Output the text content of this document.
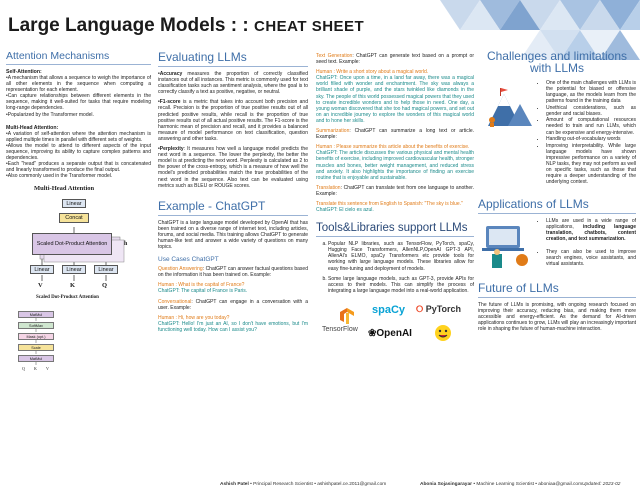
Large Language Models : : CHEAT SHEET
Attention Mechanisms
Self-Attention:
•A mechanism that allows a sequence to weigh the importance of all other elements in the sequence when computing a representation for each element.
•Can capture relationships between different elements in the sequence, making it well-suited for tasks that require modeling long-range dependencies.
•Popularized by the Transformer model.
Multi-Head Attention:
•A variation of self-attention where the attention mechanism is applied multiple times in parallel with different sets of weights.
•Allows the model to attend to different aspects of the input sequence, improving its ability to capture complex patterns and dependencies.
•Each "head" produces a separate output that is concatenated and linearly transformed to produce the final output.
•Also commonly used in the Transformer model.
Multi-Head Attention
Linear
Concat
Scaled Dot-Product Attention	h
Linear	Linear	Linear
V	K	Q
Scaled Dot-Product Attention
MatMul
SoftMax
Mask (opt.)
Scale
MatMul
Q K V
Evaluating LLMs
•Accuracy measures the proportion of correctly classified instances out of all instances. This metric is commonly used for text classification tasks such as sentiment analysis, where the goal is to correctly classify a text as positive, negative, or neutral.
•F1-score is a metric that takes into account both precision and recall. Precision is the proportion of true positive results out of all predicted positive results, while recall is the proportion of true positive results out of all actual positive results. The F1-score is the harmonic mean of precision and recall, and it provides a balanced measure of model performance on text classification, question answering and other tasks.
•Perplexity: It measures how well a language model predicts the next word in a sequence. The lower the perplexity, the better the model is at predicting the next word. Perplexity is calculated as 2 to the power of the cross-entropy, which is a measure of how well the model's predicted probabilities match the true probabilities of the next word in the sequence. Also text can be evaluated using metrics such as BLEU or ROUGE scores.
Example - ChatGPT
ChatGPT is a large language model developed by OpenAI that has been trained on a diverse range of internet text, including articles, forums, and social media. This training allows ChatGPT to generate human-like text and answer a wide variety of questions on many topics.
Use Cases ChatGPT
Question Answering: ChatGPT can answer factual questions based on the information it has been trained on. Example:
Human : What is the capital of France?
ChatGPT: The capital of France is Paris.
Conversational: ChatGPT can engage in a conversation with a user. Example:
Human : Hi, how are you today?
ChatGPT: Hello! I'm just an AI, so I don't have emotions, but I'm functioning well today. How can I assist you?
Text Generation: ChatGPT can generate text based on a prompt or seed text. Example:
Human : Write a short story about a magical world.
ChatGPT: Once upon a time, in a land far away, there was a magical world filled with wonder and enchantment. The sky was always a brilliant shade of purple, and the stars twinkled like diamonds in the sky. The people of this world possessed magical powers that they used to create incredible wonders and to help those in need. One day, a young woman discovered that she too had magical powers, and set out on an incredible journey to explore the wonders of this magical world and to hone her skills.
Summarization: ChatGPT can summarize a long text or article. Example:
Human : Please summarize this article about the benefits of exercise.
ChatGPT: The article discusses the various physical and mental health benefits of exercise, including improved cardiovascular health, stronger muscles and bones, better weight management, and reduced stress and anxiety. It also highlights the importance of finding an exercise routine that is enjoyable and sustainable.
Translation: ChatGPT can translate text from one language to another. Example:
Translate this sentence from English to Spanish: "The sky is blue."
ChatGPT: El cielo es azul.
Tools&Libraries support LLMs
a. Popular NLP libraries, such as TensorFlow, PyTorch, spaCy, Hugging Face Transformers, AllenNLP,OpenAI GPT-3 API, AllenAI's ELMO, spaCy Transformers etc provide tools for working with large language models. These libraries allow for easy fine-tuning and deployment of models.
b. Some large language models, such as GPT-3, provide APIs for access to their models. This can simplify the process of integrating a large language model into a real-world application.
TensorFlow
spaCy ⭘ PyTorch
❀OpenAI
Challenges and limitations with LLMs
• One of the main challenges with LLMs is the potential for biased or offensive language, as the models learn from the patterns found in the training data
• Unethical considerations, such as gender and racial biases.
• Amount of computational resources needed to train and run LLMs, which can be expensive and energy-intensive.
• Handling out-of-vocabulary words
• Improving interpretability. While large language models have shown impressive performance on a variety of NLP tasks, they may not perform as well on specific tasks, such as those that require a deeper understanding of the underlying context.
Applications of LLMs
• LLMs are used in a wide range of applications, including language translation, chatbots, content creation, and text summarization.
• They can also be used to improve search engines, voice assistants, and virtual assistants.
Future of LLMs
The future of LLMs is promising, with ongoing research focused on improving their accuracy, reducing bias, and making them more accessible and energy-efficient. As the demand for AI-driven applications continues to grow, LLMs will play an increasingly important role in shaping the future of human-machine interaction.
Ashish Patel • Principal Research Scientist • ashishpatel.ce.2011@gmail.com	Abonia Sojasingarayar • Machine Learning Scientist • aboniaa@gmail.com Updated: 2023-02
